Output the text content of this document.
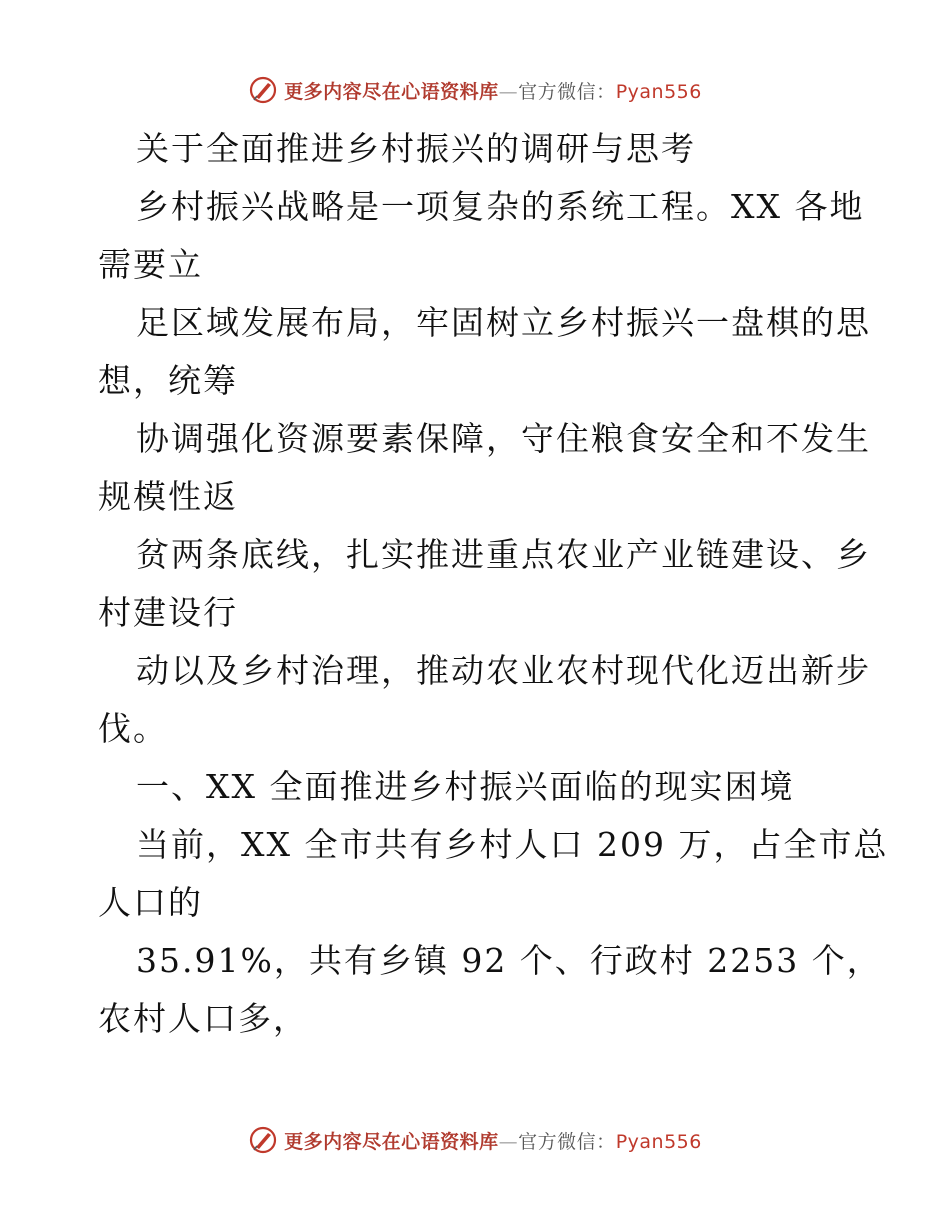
更多内容尽在心语资料库—官方微信：Pyan556
关于全面推进乡村振兴的调研与思考
乡村振兴战略是一项复杂的系统工程。XX 各地
需要立
足区域发展布局，牢固树立乡村振兴一盘棋的思
想，统筹
协调强化资源要素保障，守住粮食安全和不发生
规模性返
贫两条底线，扎实推进重点农业产业链建设、乡
村建设行
动以及乡村治理，推动农业农村现代化迈出新步
伐。
一、XX 全面推进乡村振兴面临的现实困境
当前，XX 全市共有乡村人口 209 万，占全市总
人口的
35.91%，共有乡镇 92 个、行政村 2253 个，
农村人口多，
更多内容尽在心语资料库—官方微信：Pyan556
